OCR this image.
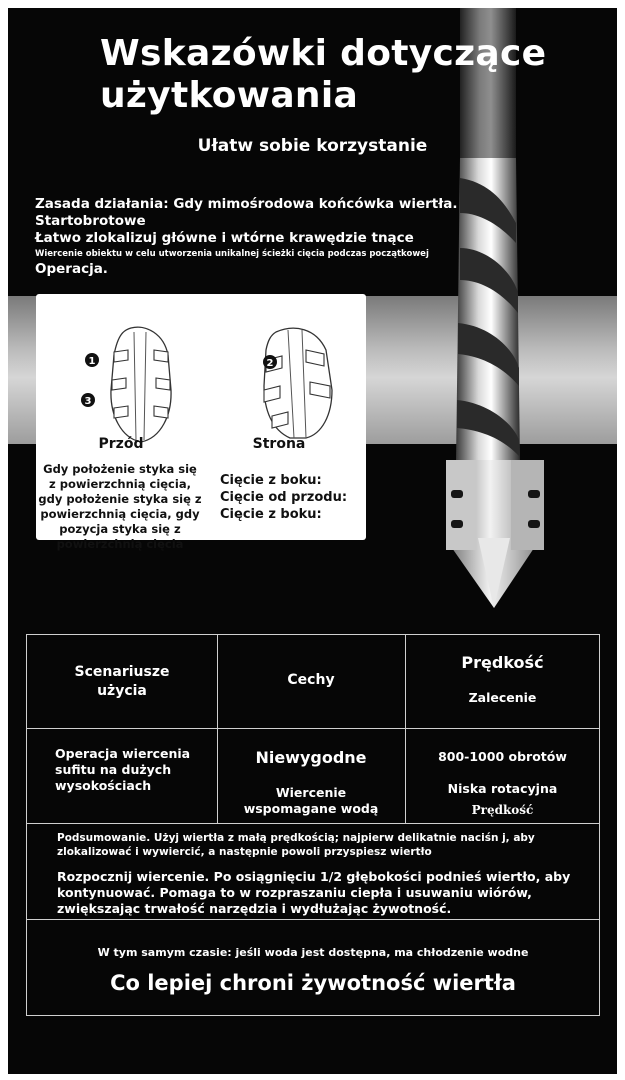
Wskazówki dotyczące użytkowania
Ułatw sobie korzystanie
Zasada działania: Gdy mimośrodowa końcówka wiertła.
Startobrotowe
Łatwo zlokalizuj główne i wtórne krawędzie tnące
Wiercenie obiektu w celu utworzenia unikalnej ścieżki cięcia podczas początkowej
Operacja.
1
3
2
Przód	Strona
Gdy położenie styka się z powierzchnią cięcia, gdy położenie styka się z powierzchnią cięcia, gdy pozycja styka się z powierzchnią cięcia
Cięcie z boku:
Cięcie od przodu:
Cięcie z boku:
Scenariusze użycia
Cechy
Prędkość
Zalecenie
Operacja wiercenia sufitu na dużych wysokościach
Niewygodne
Wiercenie wspomagane wodą
800-1000 obrotów
Niska rotacyjna
Prędkość
Podsumowanie. Użyj wiertła z małą prędkością; najpierw delikatnie naciśn j, aby zlokalizować i wywiercić, a następnie powoli przyspiesz wiertło
Rozpocznij wiercenie. Po osiągnięciu 1/2 głębokości podnieś wiertło, aby kontynuować. Pomaga to w rozpraszaniu ciepła i usuwaniu wiórów, zwiększając trwałość narzędzia i wydłużając żywotność.
W tym samym czasie: jeśli woda jest dostępna, ma chłodzenie wodne
Co lepiej chroni żywotność wiertła
